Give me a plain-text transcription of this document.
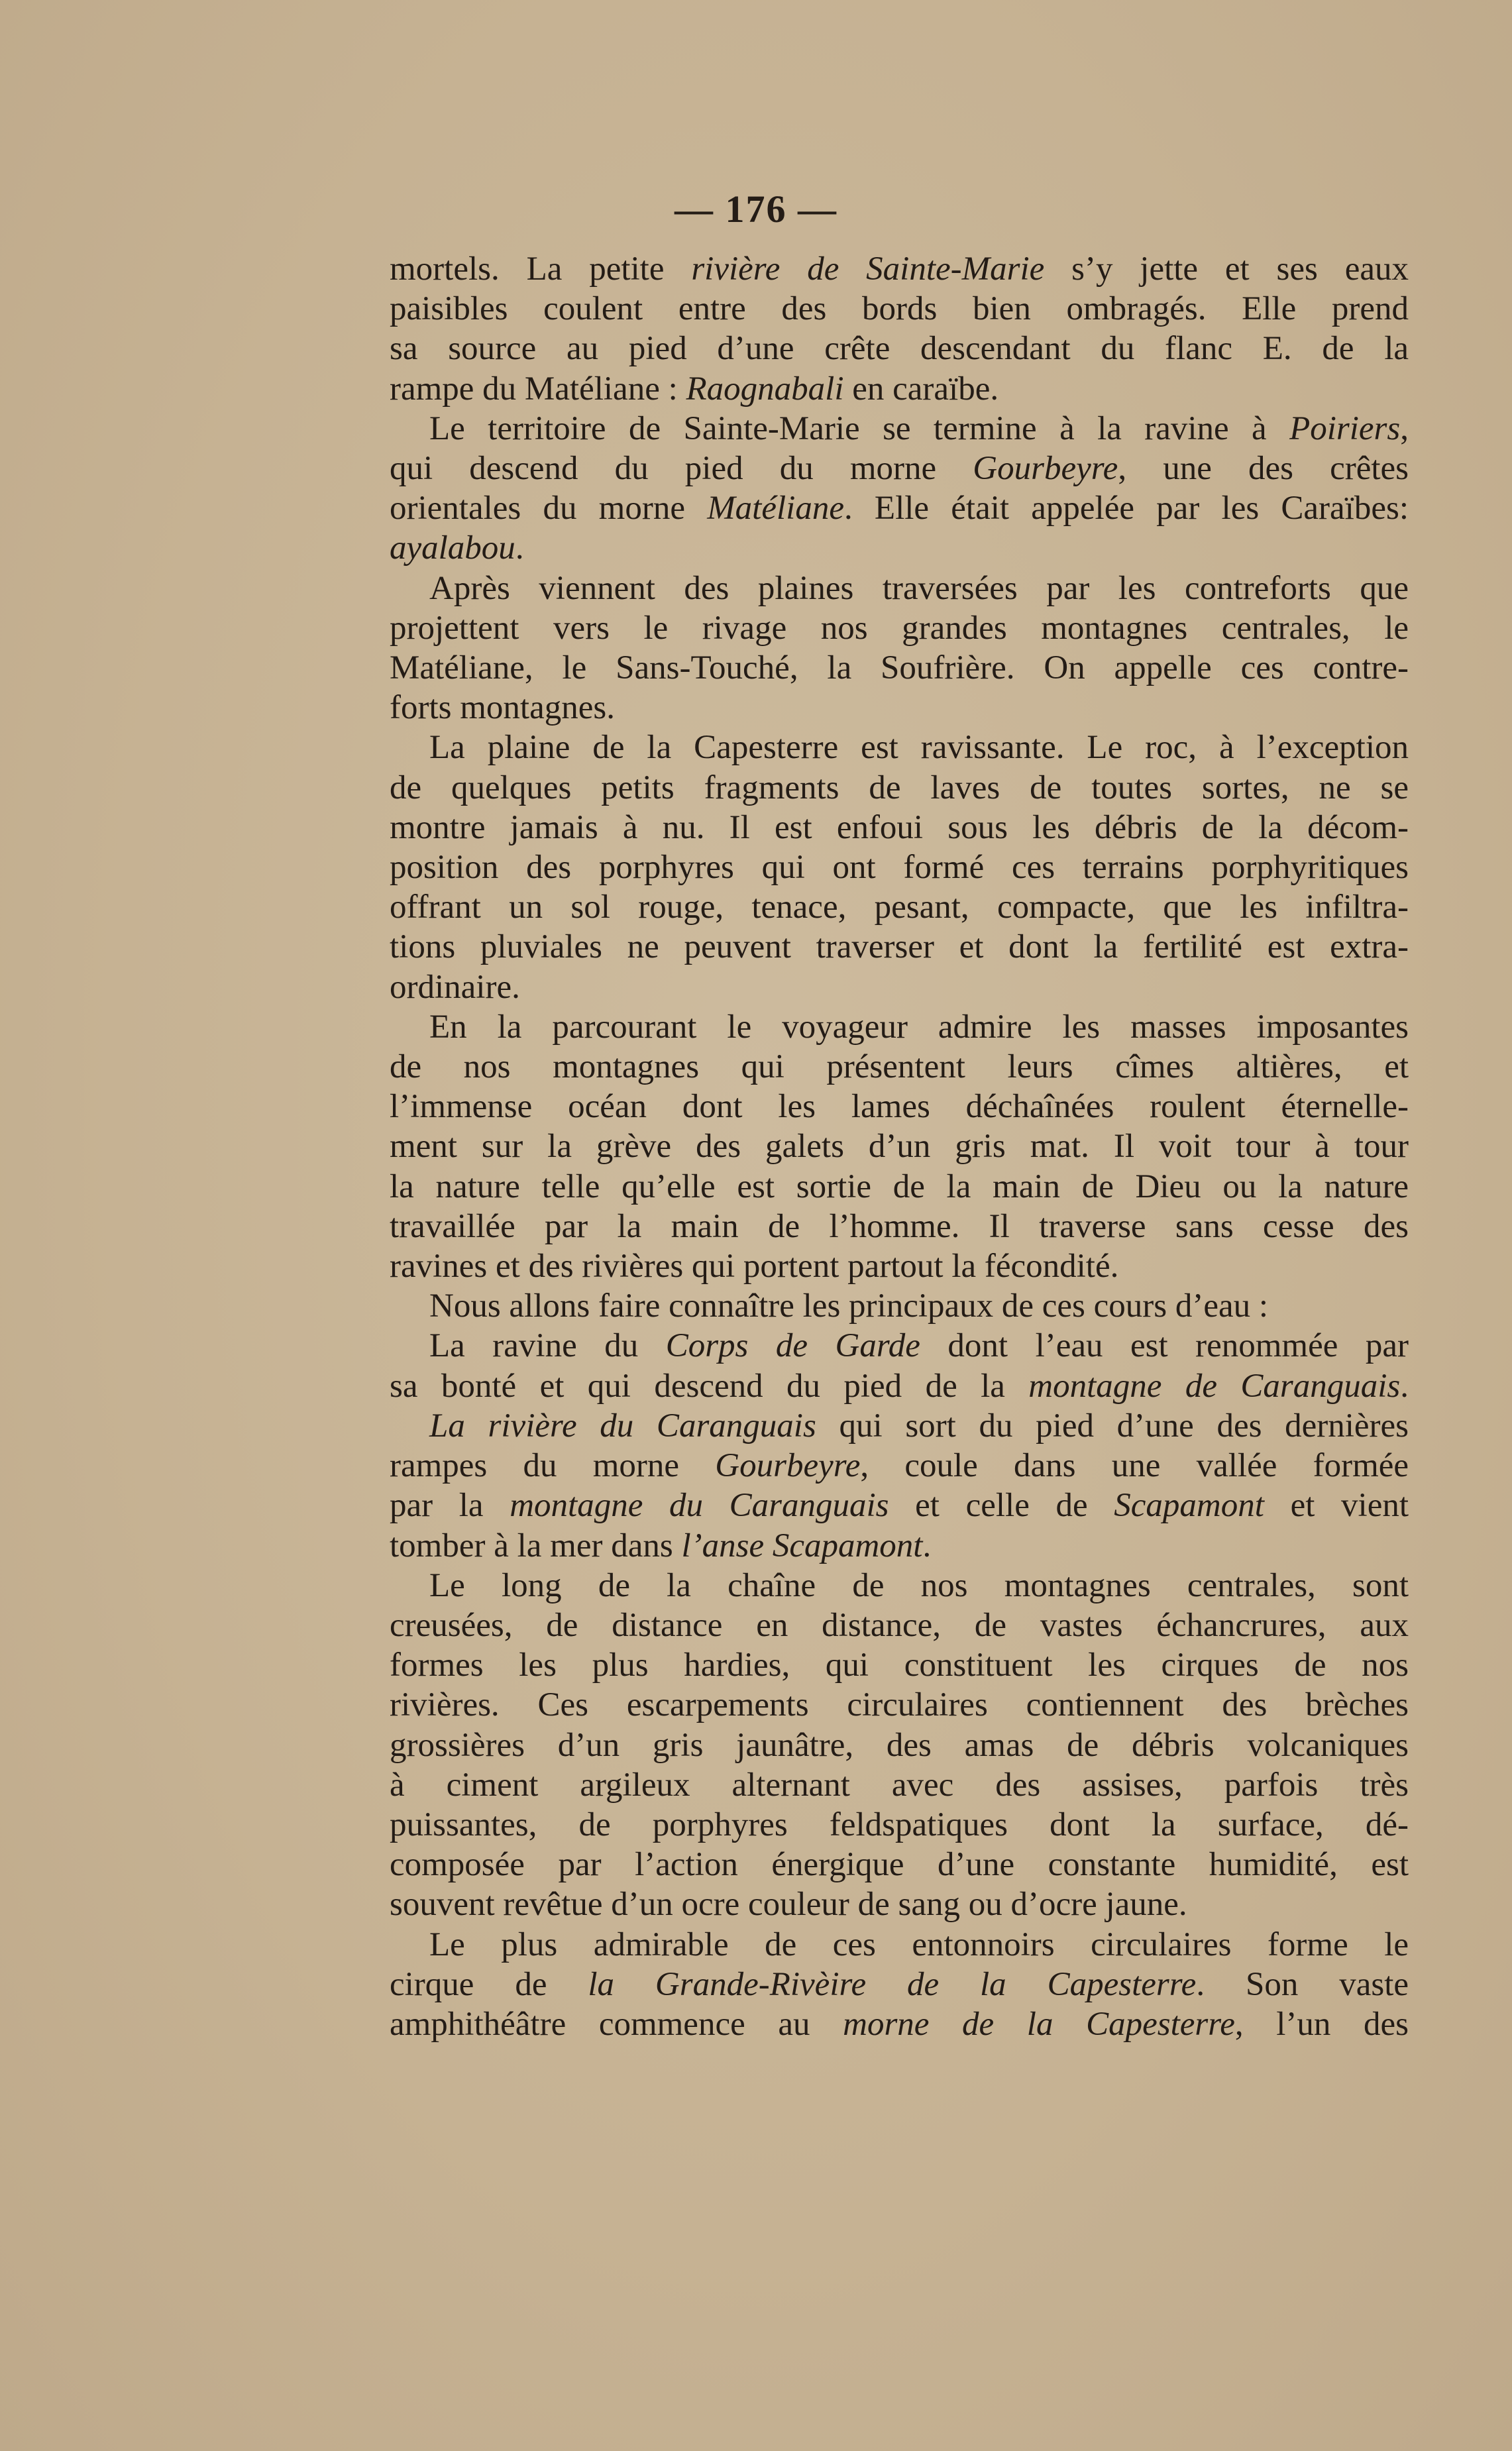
— 176 —

mortels. La petite rivière de Sainte-Marie s’y jette et ses eaux
paisibles coulent entre des bords bien ombragés. Elle prend
sa source au pied d’une crête descendant du flanc E. de la
rampe du Matéliane : Raognabali en caraïbe.
Le territoire de Sainte-Marie se termine à la ravine à Poiriers,
qui descend du pied du morne Gourbeyre, une des crêtes
orientales du morne Matéliane. Elle était appelée par les Caraïbes:
ayalabou.
Après viennent des plaines traversées par les contreforts que
projettent vers le rivage nos grandes montagnes centrales, le
Matéliane, le Sans-Touché, la Soufrière. On appelle ces contre-
forts montagnes.
La plaine de la Capesterre est ravissante. Le roc, à l’exception
de quelques petits fragments de laves de toutes sortes, ne se
montre jamais à nu. Il est enfoui sous les débris de la décom-
position des porphyres qui ont formé ces terrains porphyritiques
offrant un sol rouge, tenace, pesant, compacte, que les infiltra-
tions pluviales ne peuvent traverser et dont la fertilité est extra-
ordinaire.
En la parcourant le voyageur admire les masses imposantes
de nos montagnes qui présentent leurs cîmes altières, et
l’immense océan dont les lames déchaînées roulent éternelle-
ment sur la grève des galets d’un gris mat. Il voit tour à tour
la nature telle qu’elle est sortie de la main de Dieu ou la nature
travaillée par la main de l’homme. Il traverse sans cesse des
ravines et des rivières qui portent partout la fécondité.
Nous allons faire connaître les principaux de ces cours d’eau :
La ravine du Corps de Garde dont l’eau est renommée par
sa bonté et qui descend du pied de la montagne de Caranguais.
La rivière du Caranguais qui sort du pied d’une des dernières
rampes du morne Gourbeyre, coule dans une vallée formée
par la montagne du Caranguais et celle de Scapamont et vient
tomber à la mer dans l’anse Scapamont.
Le long de la chaîne de nos montagnes centrales, sont
creusées, de distance en distance, de vastes échancrures, aux
formes les plus hardies, qui constituent les cirques de nos
rivières. Ces escarpements circulaires contiennent des brèches
grossières d’un gris jaunâtre, des amas de débris volcaniques
à ciment argileux alternant avec des assises, parfois très
puissantes, de porphyres feldspatiques dont la surface, dé-
composée par l’action énergique d’une constante humidité, est
souvent revêtue d’un ocre couleur de sang ou d’ocre jaune.
Le plus admirable de ces entonnoirs circulaires forme le
cirque de la Grande-Rivèire de la Capesterre. Son vaste
amphithéâtre commence au morne de la Capesterre, l’un des
